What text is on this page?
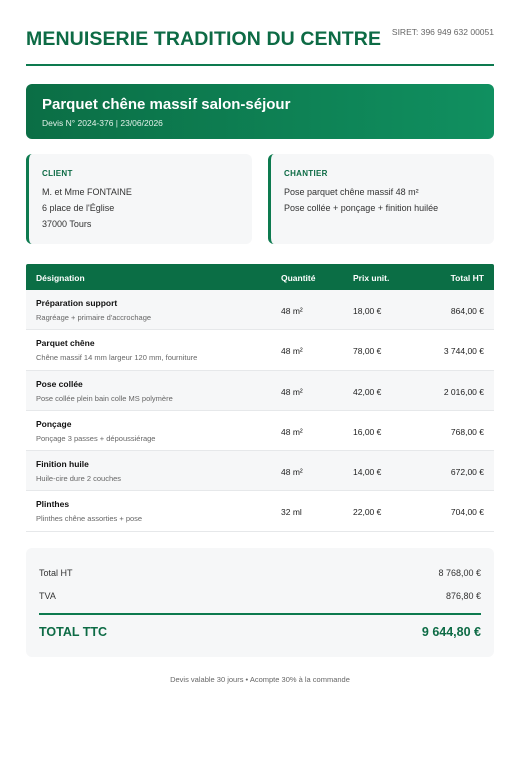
MENUISERIE TRADITION DU CENTRE SIRET: 396 949 632 00051
Parquet chêne massif salon-séjour
Devis N° 2024-376 | 23/06/2026
CLIENT
M. et Mme FONTAINE
6 place de l'Église
37000 Tours
CHANTIER
Pose parquet chêne massif 48 m²
Pose collée + ponçage + finition huilée
Désignation	Quantité	Prix unit.	Total HT
Préparation support
Ragréage + primaire d'accrochage
48 m²	18,00 €	864,00 €
Parquet chêne
Chêne massif 14 mm largeur 120 mm, fourniture
48 m²	78,00 €	3 744,00 €
Pose collée
Pose collée plein bain colle MS polymère
48 m²	42,00 €	2 016,00 €
Ponçage
Ponçage 3 passes + dépoussiérage
48 m²	16,00 €	768,00 €
Finition huile
Huile-cire dure 2 couches
48 m²	14,00 €	672,00 €
Plinthes
Plinthes chêne assorties + pose
32 ml	22,00 €	704,00 €
Total HT	8 768,00 €
TVA	876,80 €
TOTAL TTC	9 644,80 €
Devis valable 30 jours • Acompte 30% à la commande
